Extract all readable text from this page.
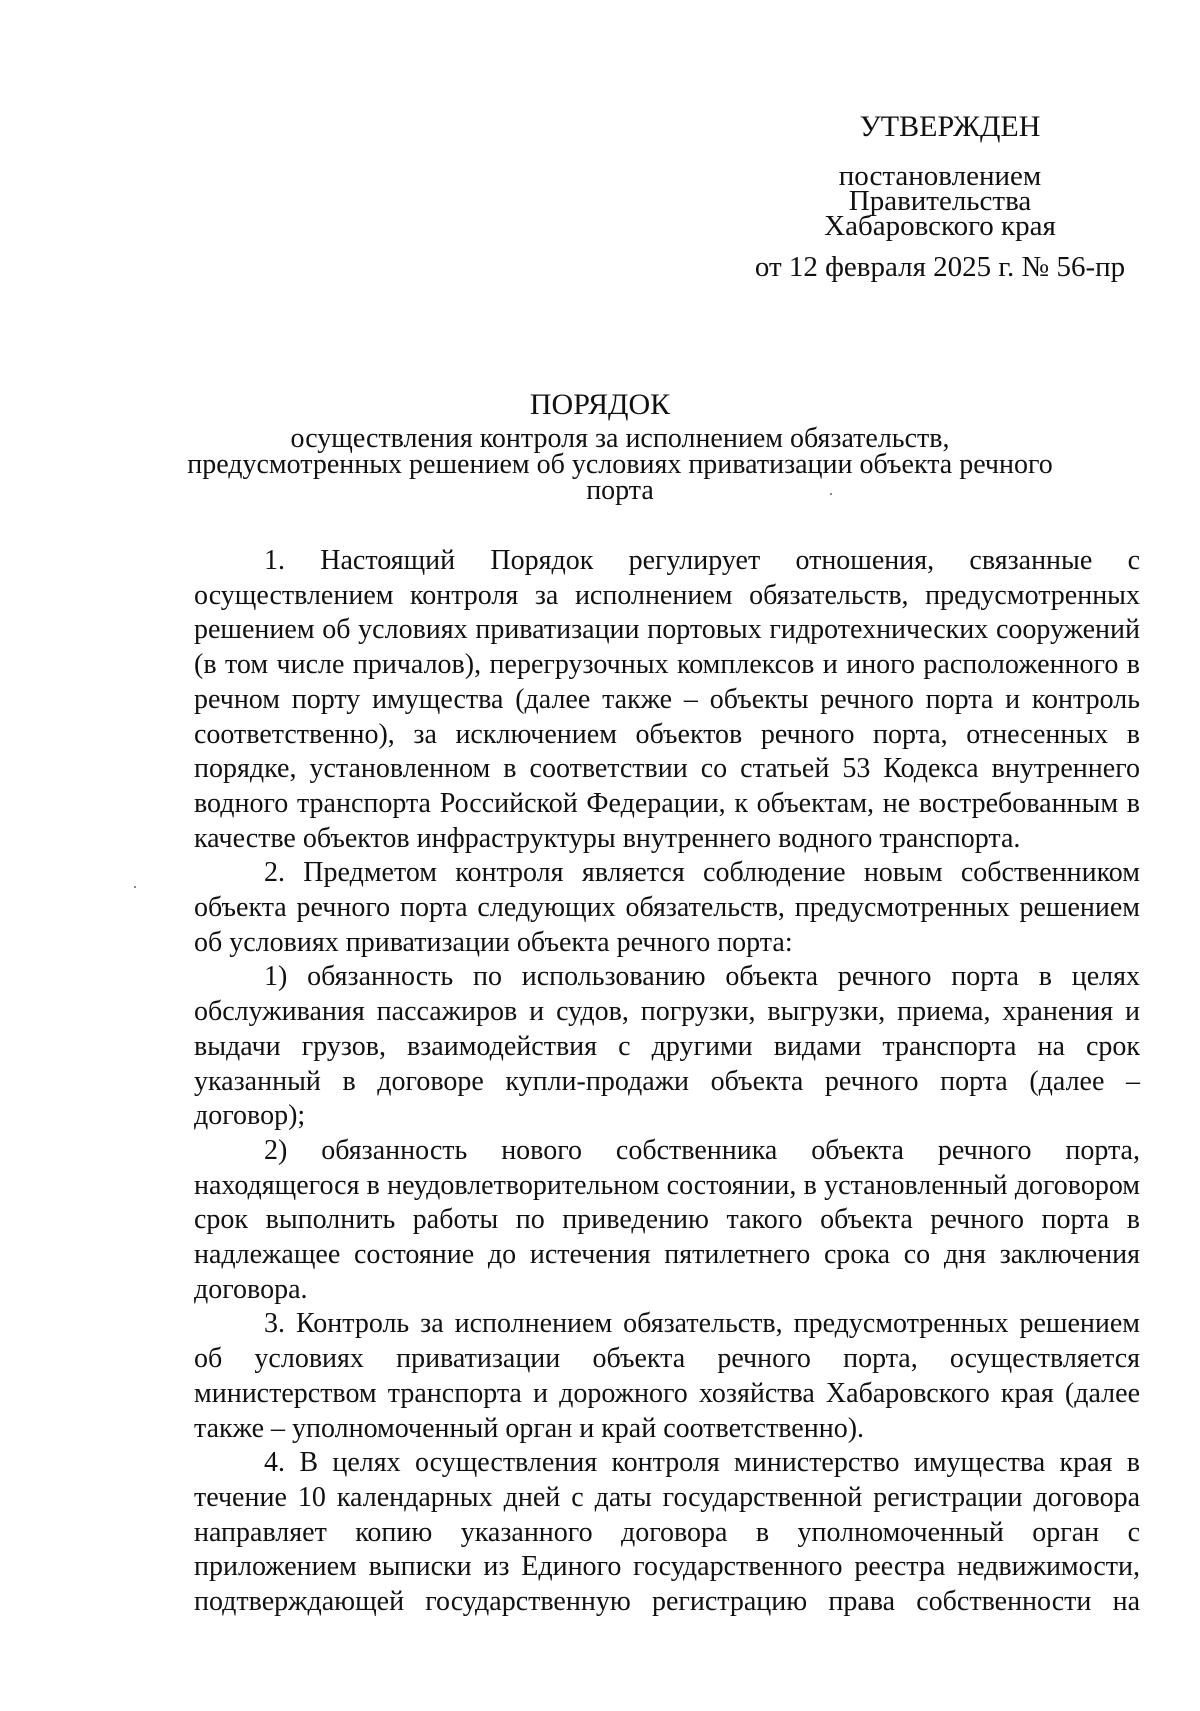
УТВЕРЖДЕН
постановлением
Правительства
Хабаровского края
от 12 февраля 2025 г. № 56-пр
ПОРЯДОК
осуществления контроля за исполнением обязательств, предусмотренных решением об условиях приватизации объекта речного порта

1. Настоящий Порядок регулирует отношения, связанные с осуществлением контроля за исполнением обязательств, предусмотренных решением об условиях приватизации портовых гидротехнических сооружений (в том числе причалов), перегрузочных комплексов и иного расположенного в речном порту имущества (далее также – объекты речного порта и контроль соответственно), за исключением объектов речного порта, отнесенных в порядке, установленном в соответствии со статьей 53 Кодекса внутреннего водного транспорта Российской Федерации, к объектам, не востребованным в качестве объектов инфраструктуры внутреннего водного транспорта.

2. Предметом контроля является соблюдение новым собственником объекта речного порта следующих обязательств, предусмотренных решением об условиях приватизации объекта речного порта:

1) обязанность по использованию объекта речного порта в целях обслуживания пассажиров и судов, погрузки, выгрузки, приема, хранения и выдачи грузов, взаимодействия с другими видами транспорта на срок указанный в договоре купли-продажи объекта речного порта (далее – договор);

2) обязанность нового собственника объекта речного порта, находящегося в неудовлетворительном состоянии, в установленный договором срок выполнить работы по приведению такого объекта речного порта в надлежащее состояние до истечения пятилетнего срока со дня заключения договора.

3. Контроль за исполнением обязательств, предусмотренных решением об условиях приватизации объекта речного порта, осуществляется министерством транспорта и дорожного хозяйства Хабаровского края (далее также – уполномоченный орган и край соответственно).

4. В целях осуществления контроля министерство имущества края в течение 10 календарных дней с даты государственной регистрации договора направляет копию указанного договора в уполномоченный орган с приложением выписки из Единого государственного реестра недвижимости, подтверждающей государственную регистрацию права собственности на
